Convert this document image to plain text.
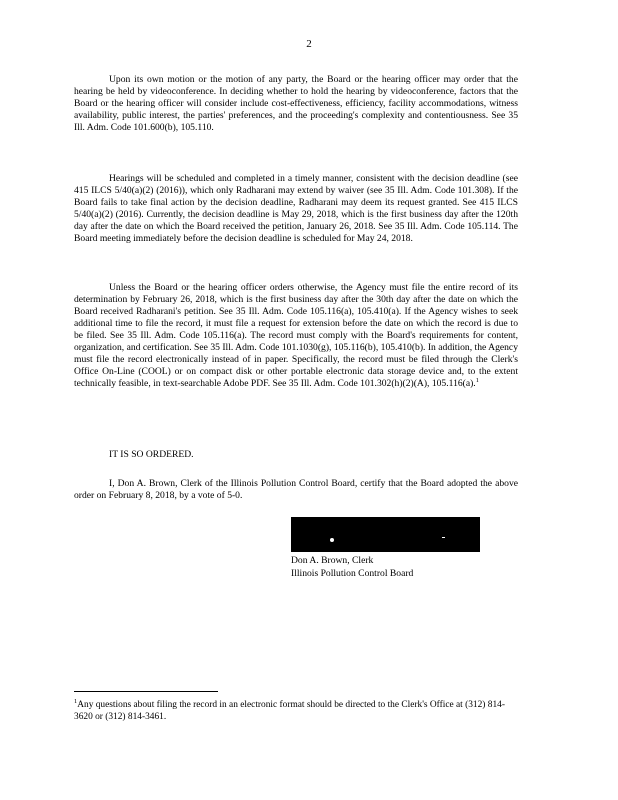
2
Upon its own motion or the motion of any party, the Board or the hearing officer may order that the hearing be held by videoconference. In deciding whether to hold the hearing by videoconference, factors that the Board or the hearing officer will consider include cost-effectiveness, efficiency, facility accommodations, witness availability, public interest, the parties' preferences, and the proceeding's complexity and contentiousness. See 35 Ill. Adm. Code 101.600(b), 105.110.
Hearings will be scheduled and completed in a timely manner, consistent with the decision deadline (see 415 ILCS 5/40(a)(2) (2016)), which only Radharani may extend by waiver (see 35 Ill. Adm. Code 101.308). If the Board fails to take final action by the decision deadline, Radharani may deem its request granted. See 415 ILCS 5/40(a)(2) (2016). Currently, the decision deadline is May 29, 2018, which is the first business day after the 120th day after the date on which the Board received the petition, January 26, 2018. See 35 Ill. Adm. Code 105.114. The Board meeting immediately before the decision deadline is scheduled for May 24, 2018.
Unless the Board or the hearing officer orders otherwise, the Agency must file the entire record of its determination by February 26, 2018, which is the first business day after the 30th day after the date on which the Board received Radharani's petition. See 35 Ill. Adm. Code 105.116(a), 105.410(a). If the Agency wishes to seek additional time to file the record, it must file a request for extension before the date on which the record is due to be filed. See 35 Ill. Adm. Code 105.116(a). The record must comply with the Board's requirements for content, organization, and certification. See 35 Ill. Adm. Code 101.1030(g), 105.116(b), 105.410(b). In addition, the Agency must file the record electronically instead of in paper. Specifically, the record must be filed through the Clerk's Office On-Line (COOL) or on compact disk or other portable electronic data storage device and, to the extent technically feasible, in text-searchable Adobe PDF. See 35 Ill. Adm. Code 101.302(h)(2)(A), 105.116(a).$^1$
IT IS SO ORDERED.
I, Don A. Brown, Clerk of the Illinois Pollution Control Board, certify that the Board adopted the above order on February 8, 2018, by a vote of 5-0.
Don A. Brown, Clerk
Illinois Pollution Control Board
$^1$Any questions about filing the record in an electronic format should be directed to the Clerk's Office at (312) 814-3620 or (312) 814-3461.
